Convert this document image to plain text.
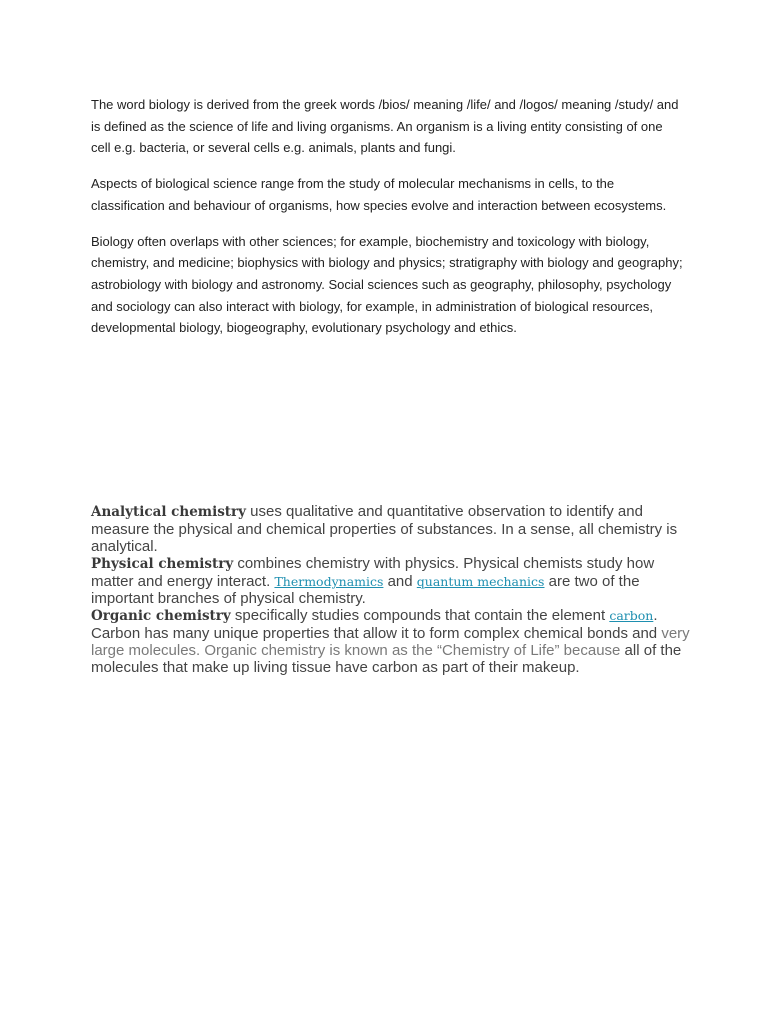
The word biology is derived from the greek words /bios/ meaning /life/ and /logos/ meaning /study/ and is defined as the science of life and living organisms. An organism is a living entity consisting of one cell e.g. bacteria, or several cells e.g. animals, plants and fungi.

Aspects of biological science range from the study of molecular mechanisms in cells, to the classification and behaviour of organisms, how species evolve and interaction between ecosystems.

Biology often overlaps with other sciences; for example, biochemistry and toxicology with biology, chemistry, and medicine; biophysics with biology and physics; stratigraphy with biology and geography; astrobiology with biology and astronomy. Social sciences such as geography, philosophy, psychology and sociology can also interact with biology, for example, in administration of biological resources, developmental biology, biogeography, evolutionary psychology and ethics.

Analytical chemistry uses qualitative and quantitative observation to identify and measure the physical and chemical properties of substances. In a sense, all chemistry is analytical.

Physical chemistry combines chemistry with physics. Physical chemists study how matter and energy interact. Thermodynamics and quantum mechanics are two of the important branches of physical chemistry.

Organic chemistry specifically studies compounds that contain the element carbon. Carbon has many unique properties that allow it to form complex chemical bonds and very large molecules. Organic chemistry is known as the “Chemistry of Life” because all of the molecules that make up living tissue have carbon as part of their makeup.
